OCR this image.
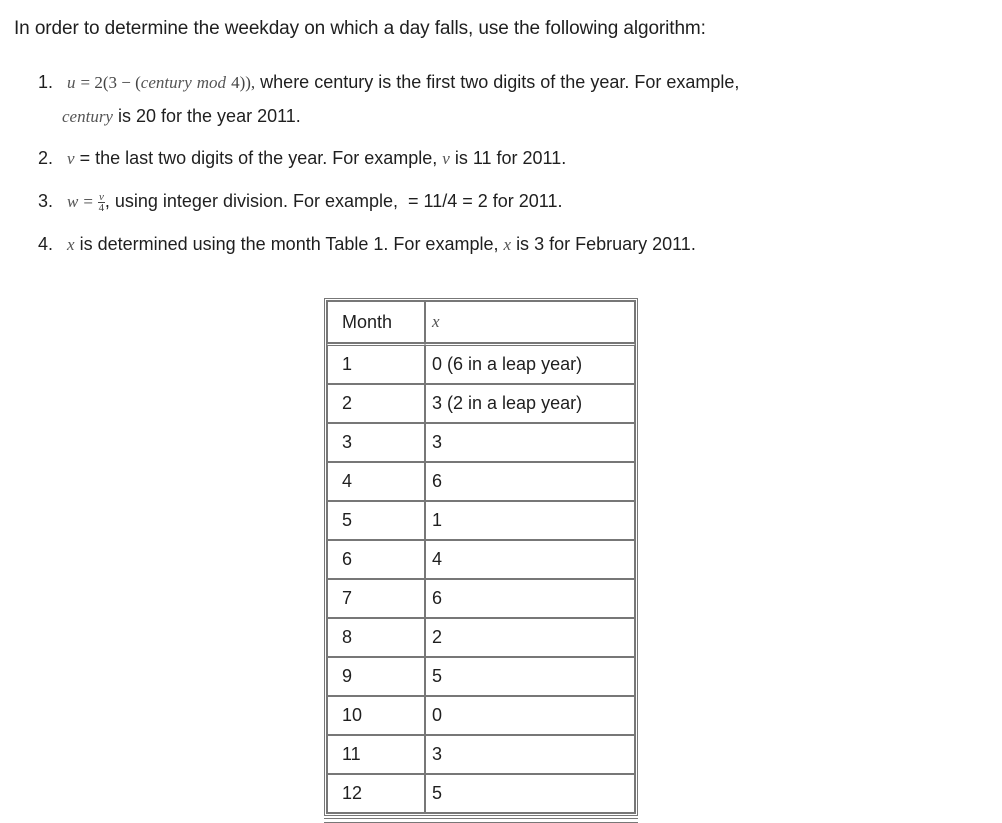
In order to determine the weekday on which a day falls, use the following algorithm:
1. u = 2(3 − (century mod 4)), where century is the first two digits of the year. For example,
century is 20 for the year 2011.
2. v = the last two digits of the year. For example, v is 11 for 2011.
3. $w = \frac{v}{4}$ , using integer division. For example, = 11/4 = 2 for 2011.
4. x is determined using the month Table 1. For example, x is 3 for February 2011.
Month	x
1	0 (6 in a leap year)
2	3 (2 in a leap year)
3	3
4	6
5	1
6	4
7	6
8	2
9	5
10	0
11	3
12	5
